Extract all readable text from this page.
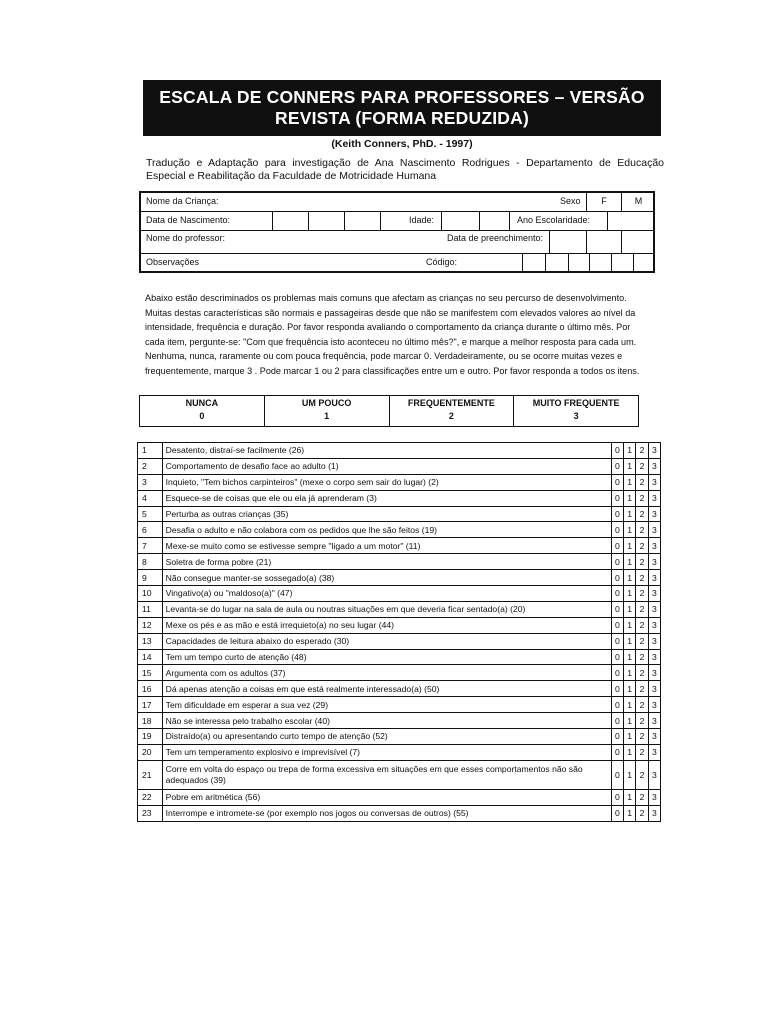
ESCALA DE CONNERS PARA PROFESSORES – VERSÃO
REVISTA (FORMA REDUZIDA)
(Keith Conners, PhD. - 1997)
Tradução e Adaptação para investigação de Ana Nascimento Rodrigues - Departamento de Educação
Especial e Reabilitação da Faculdade de Motricidade Humana
Nome da Criança:	Sexo	F	M
Data de Nascimento:	Idade:	Ano Escolaridade:
Nome do professor:	Data de preenchimento:
Observações	Código:
Abaixo estão descriminados os problemas mais comuns que afectam as crianças no seu percurso de desenvolvimento.
Muitas destas características são normais e passageiras desde que não se manifestem com elevados valores ao nível da
intensidade, frequência e duração. Por favor responda avaliando o comportamento da criança durante o último mês. Por
cada item, pergunte-se: "Com que frequência isto aconteceu no último mês?", e marque a melhor resposta para cada um.
Nenhuma, nunca, raramente ou com pouca frequência, pode marcar 0. Verdadeiramente, ou se ocorre muitas vezes e
frequentemente, marque 3 . Pode marcar 1 ou 2 para classificações entre um e outro. Por favor responda a todos os itens.
NUNCA
0
UM POUCO
1
FREQUENTEMENTE
2
MUITO FREQUENTE
3
1	Desatento, distraí-se facilmente (26)	0	1	2	3
2	Comportamento de desafio face ao adulto (1)	0	1	2	3
3	Inquieto, "Tem bichos carpinteiros" (mexe o corpo sem sair do lugar) (2)	0	1	2	3
4	Esquece-se de coisas que ele ou ela já aprenderam (3)	0	1	2	3
5	Perturba as outras crianças (35)	0	1	2	3
6	Desafia o adulto e não colabora com os pedidos que lhe são feitos (19)	0	1	2	3
7	Mexe-se muito como se estivesse sempre "ligado a um motor" (11)	0	1	2	3
8	Soletra de forma pobre (21)	0	1	2	3
9	Não consegue manter-se sossegado(a) (38)	0	1	2	3
10	Vingativo(a) ou "maldoso(a)" (47)	0	1	2	3
11	Levanta-se do lugar na sala de aula ou noutras situações em que deveria ficar sentado(a) (20)	0	1	2	3
12	Mexe os pés e as mão e está irrequieto(a) no seu lugar (44)	0	1	2	3
13	Capacidades de leitura abaixo do esperado (30)	0	1	2	3
14	Tem um tempo curto de atenção (48)	0	1	2	3
15	Argumenta com os adultos (37)	0	1	2	3
16	Dá apenas atenção a coisas em que está realmente interessado(a) (50)	0	1	2	3
17	Tem dificuldade em esperar a sua vez (29)	0	1	2	3
18	Não se interessa pelo trabalho escolar (40)	0	1	2	3
19	Distraído(a) ou apresentando curto tempo de atenção (52)	0	1	2	3
20	Tem um temperamento explosivo e imprevisível (7)	0	1	2	3
21	Corre em volta do espaço ou trepa de forma excessiva em situações em que esses comportamentos não são adequados (39)	0	1	2	3
22	Pobre em aritmética (56)	0	1	2	3
23	Interrompe e intromete-se (por exemplo nos jogos ou conversas de outros) (55)	0	1	2	3
